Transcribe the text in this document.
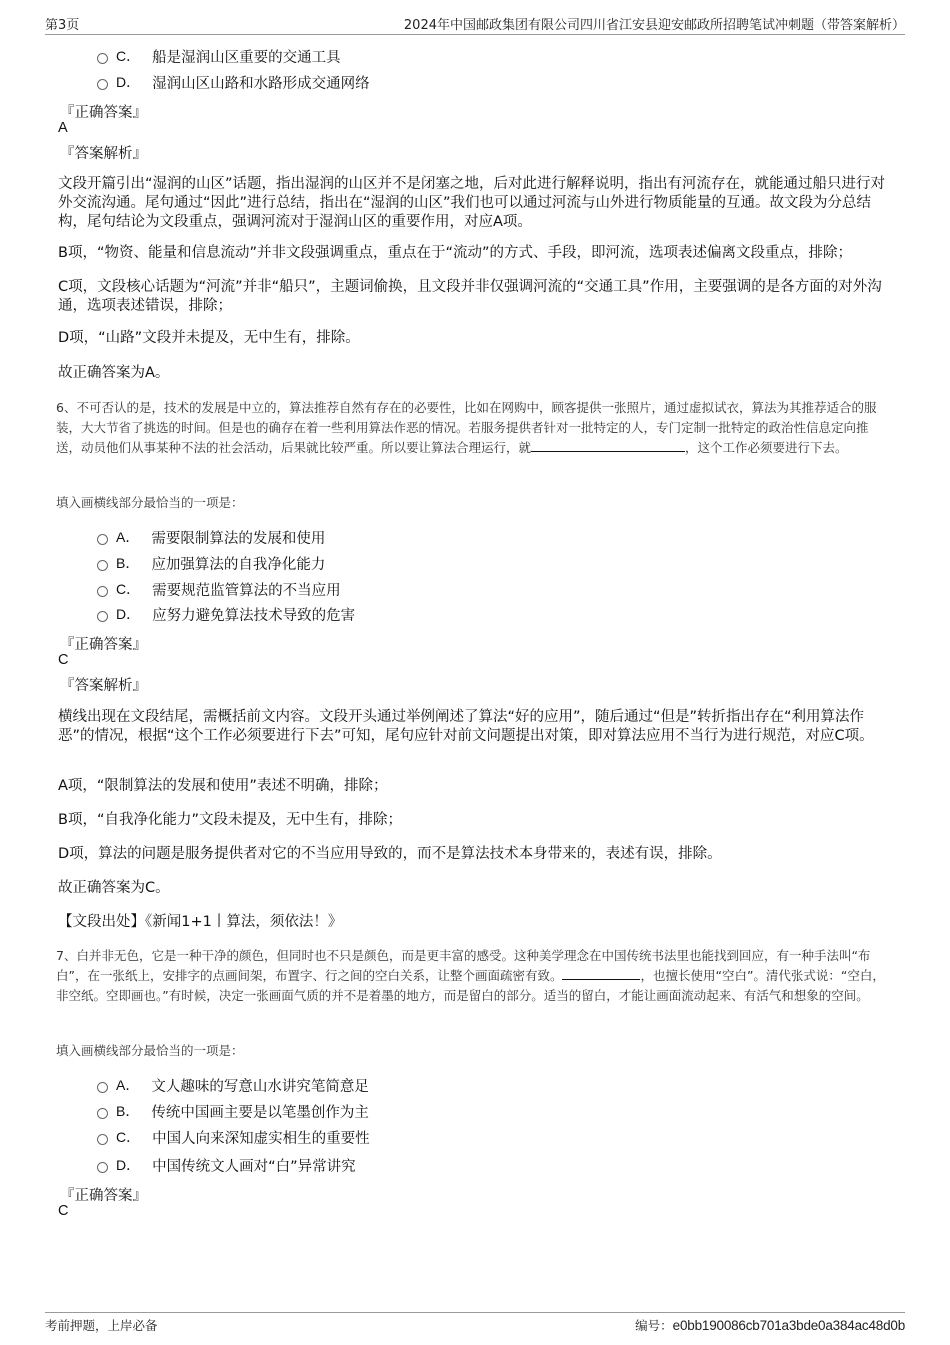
第3页	2024年中国邮政集团有限公司四川省江安县迎安邮政所招聘笔试冲刺题（带答案解析）
C． 船是湿润山区重要的交通工具
D． 湿润山区山路和水路形成交通网络
『正确答案』
A
『答案解析』
文段开篇引出“湿润的山区”话题，指出湿润的山区并不是闭塞之地，后对此进行解释说明，指出有河流存在，就能通过船只进行对外交流沟通。尾句通过“因此”进行总结，指出在“湿润的山区”我们也可以通过河流与山外进行物质能量的互通。故文段为分总结构，尾句结论为文段重点，强调河流对于湿润山区的重要作用，对应A项。
B项，“物资、能量和信息流动”并非文段强调重点，重点在于“流动”的方式、手段，即河流，选项表述偏离文段重点，排除；
C项，文段核心话题为“河流”并非“船只”，主题词偷换，且文段并非仅强调河流的“交通工具”作用，主要强调的是各方面的对外沟通，选项表述错误，排除；
D项，“山路”文段并未提及，无中生有，排除。
故正确答案为A。
6、不可否认的是，技术的发展是中立的，算法推荐自然有存在的必要性，比如在网购中，顾客提供一张照片，通过虚拟试衣，算法为其推荐适合的服装，大大节省了挑选的时间。但是也的确存在着一些利用算法作恶的情况。若服务提供者针对一批特定的人，专门定制一批特定的政治性信息定向推送，动员他们从事某种不法的社会活动，后果就比较严重。所以要让算法合理运行，就	，这个工作必须要进行下去。
填入画横线部分最恰当的一项是：
A． 需要限制算法的发展和使用
B． 应加强算法的自我净化能力
C． 需要规范监管算法的不当应用
D． 应努力避免算法技术导致的危害
『正确答案』
C
『答案解析』
横线出现在文段结尾，需概括前文内容。文段开头通过举例阐述了算法“好的应用”，随后通过“但是”转折指出存在“利用算法作恶”的情况，根据“这个工作必须要进行下去”可知，尾句应针对前文问题提出对策，即对算法应用不当行为进行规范，对应C项。
A项，“限制算法的发展和使用”表述不明确，排除；
B项，“自我净化能力”文段未提及，无中生有，排除；
D项，算法的问题是服务提供者对它的不当应用导致的，而不是算法技术本身带来的，表述有误，排除。
故正确答案为C。
【文段出处】《新闻1+1丨算法，须依法！》
7、白并非无色，它是一种干净的颜色，但同时也不只是颜色，而是更丰富的感受。这种美学理念在中国传统书法里也能找到回应，有一种手法叫“布白”，在一张纸上，安排字的点画间架，布置字、行之间的空白关系，让整个画面疏密有致。	，也擅长使用“空白”。清代张式说：“空白，非空纸。空即画也。”有时候，决定一张画面气质的并不是着墨的地方，而是留白的部分。适当的留白，才能让画面流动起来、有活气和想象的空间。
填入画横线部分最恰当的一项是：
A． 文人趣味的写意山水讲究笔简意足
B． 传统中国画主要是以笔墨创作为主
C． 中国人向来深知虚实相生的重要性
D． 中国传统文人画对“白”异常讲究
『正确答案』
C
考前押题，上岸必备	编号：e0bb190086cb701a3bde0a384ac48d0b
